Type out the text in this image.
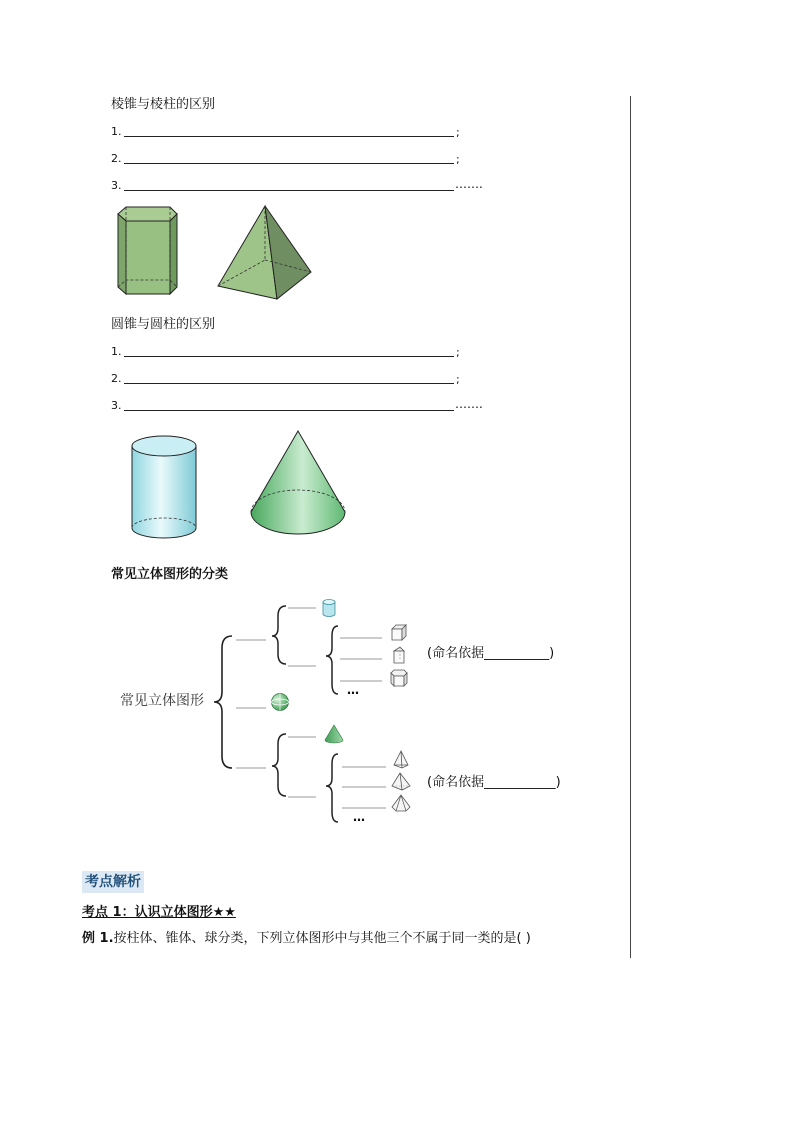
棱锥与棱柱的区别
1.	;
2.	;
3.	…….
圆锥与圆柱的区别
1.	;
2.	;
3.	…….
常见立体图形的分类
常见立体图形
…
…
(命名依据__________)
(命名依据___________)
考点解析
考点 1：认识立体图形★★
例 1.按柱体、锥体、球分类，下列立体图形中与其他三个不属于同一类的是( )
